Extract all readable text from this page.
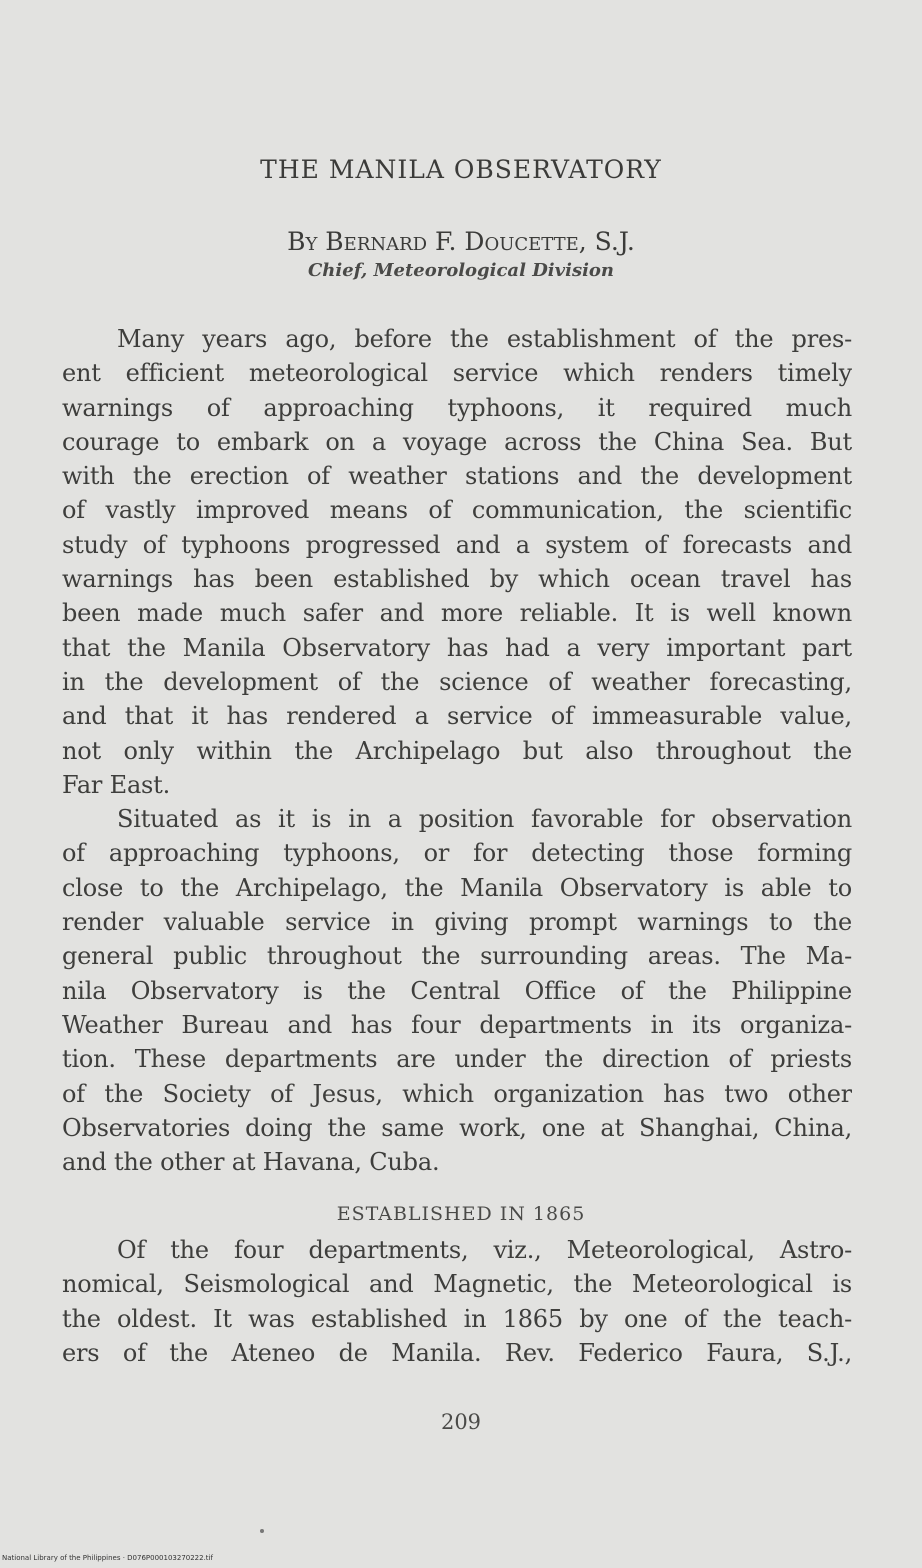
THE MANILA OBSERVATORY
By Bernard F. Doucette, S.J.
Chief, Meteorological Division

Many years ago, before the establishment of the pres-
ent efficient meteorological service which renders timely
warnings of approaching typhoons, it required much
courage to embark on a voyage across the China Sea. But
with the erection of weather stations and the development
of vastly improved means of communication, the scientific
study of typhoons progressed and a system of forecasts and
warnings has been established by which ocean travel has
been made much safer and more reliable. It is well known
that the Manila Observatory has had a very important part
in the development of the science of weather forecasting,
and that it has rendered a service of immeasurable value,
not only within the Archipelago but also throughout the
Far East.

Situated as it is in a position favorable for observation
of approaching typhoons, or for detecting those forming
close to the Archipelago, the Manila Observatory is able to
render valuable service in giving prompt warnings to the
general public throughout the surrounding areas. The Ma-
nila Observatory is the Central Office of the Philippine
Weather Bureau and has four departments in its organiza-
tion. These departments are under the direction of priests
of the Society of Jesus, which organization has two other
Observatories doing the same work, one at Shanghai, China,
and the other at Havana, Cuba.

ESTABLISHED IN 1865

Of the four departments, viz., Meteorological, Astro-
nomical, Seismological and Magnetic, the Meteorological is
the oldest. It was established in 1865 by one of the teach-
ers of the Ateneo de Manila. Rev. Federico Faura, S.J.,

209
National Library of the Philippines · D076P000103270222.tif
